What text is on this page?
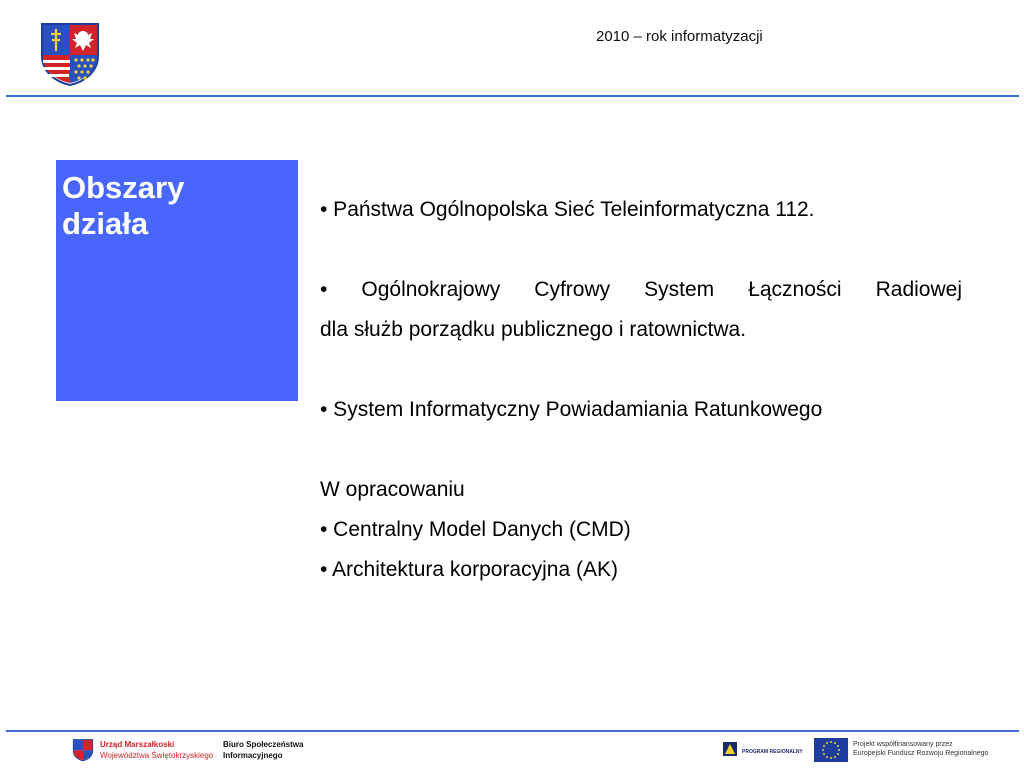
2010 – rok informatyzacji
Obszary
działa	• Państwa Ogólnopolska Sieć Teleinformatyczna 112.

• Ogólnokrajowy Cyfrowy System Łączności Radiowej

dla służb porządku publicznego i ratownictwa.

• System Informatyczny Powiadamiania Ratunkowego

W opracowaniu

• Centralny Model Danych (CMD)

• Architektura korporacyjna (AK)

Urząd Marszałkoski
Województwa Świętokrzyskiego
Biuro Społeczeństwa
Informacyjnego	PROGRAM REGIONALNY
Projekt współfinansowany przez
Europejski Fundusz Rozwoju Regionalnego
